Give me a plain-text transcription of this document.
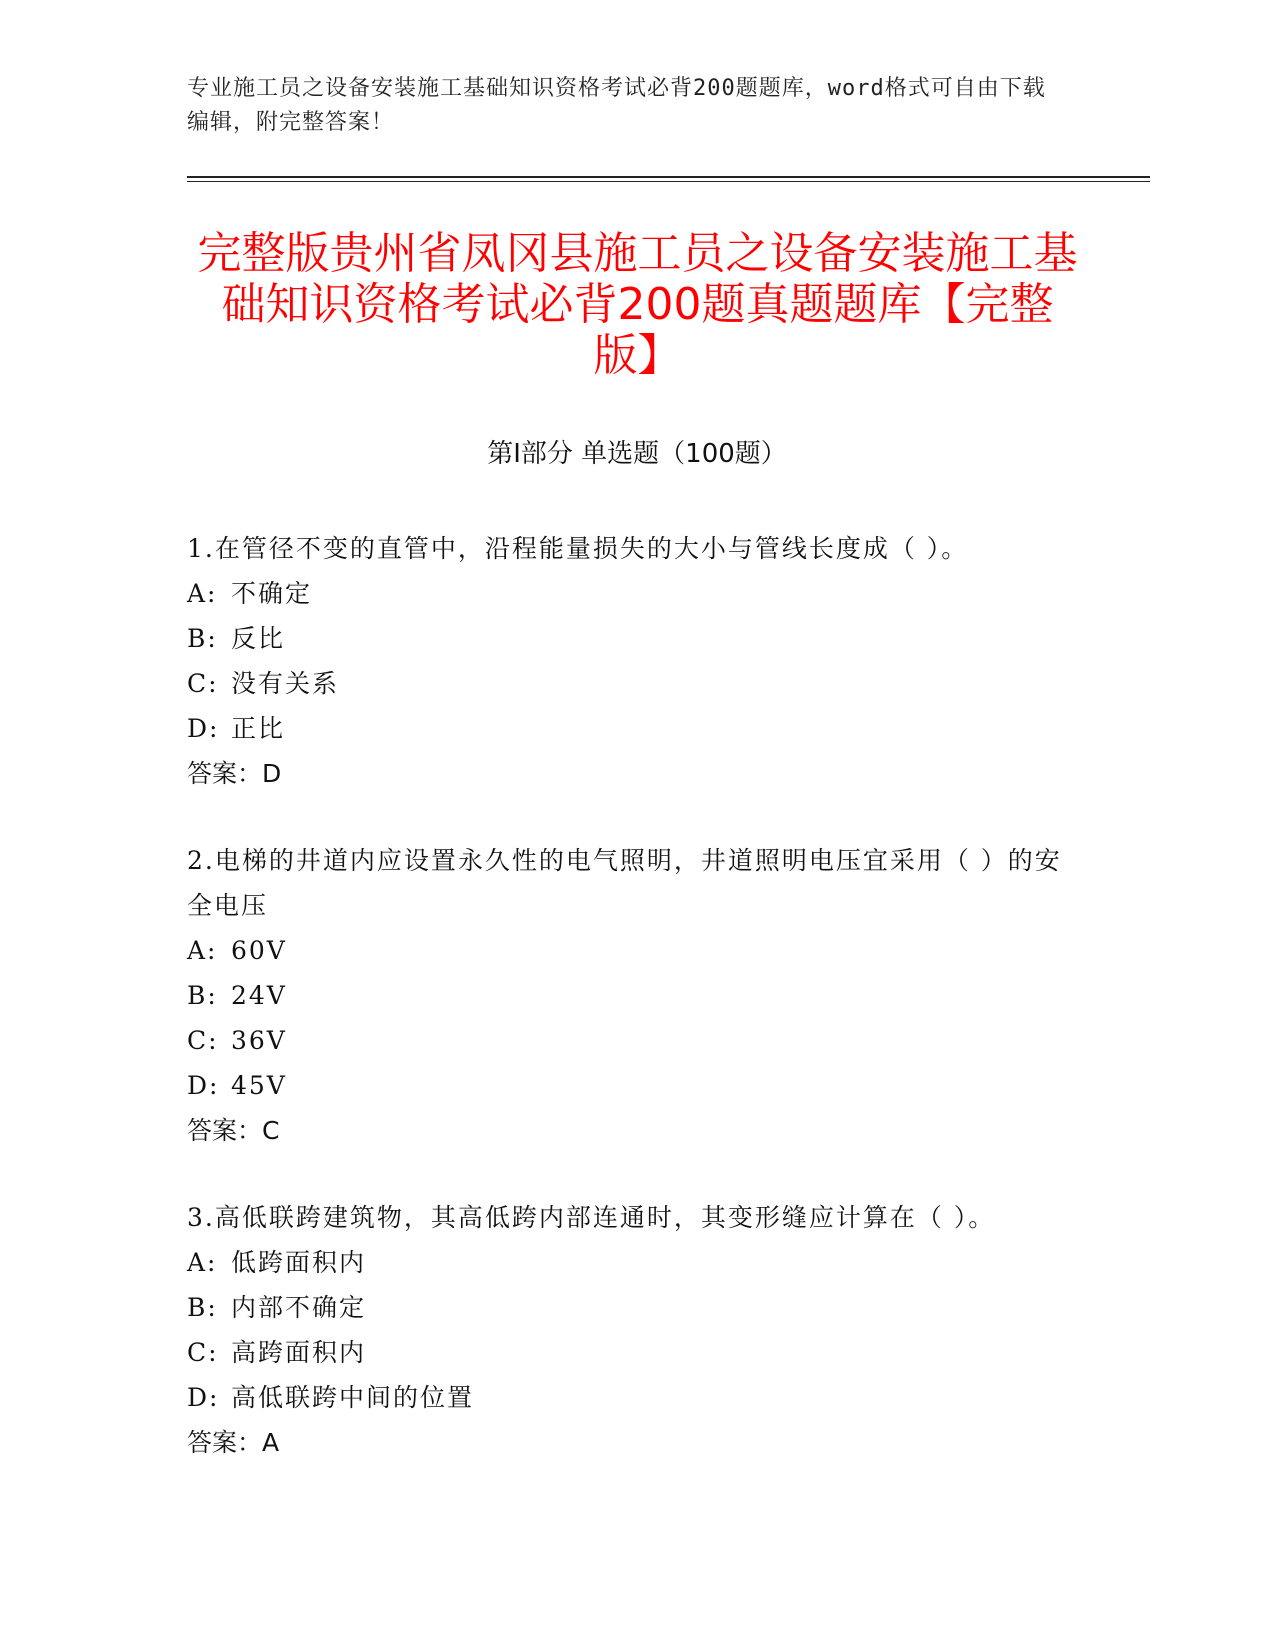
专业施工员之设备安装施工基础知识资格考试必背200题题库，word格式可自由下载编辑，附完整答案！
完整版贵州省凤冈县施工员之设备安装施工基础知识资格考试必背200题真题题库【完整版】
第Ⅰ部分 单选题（100题）

1.在管径不变的直管中，沿程能量损失的大小与管线长度成（ ）。

A: 不确定
B: 反比
C: 没有关系
D: 正比

答案：D

2.电梯的井道内应设置永久性的电气照明，井道照明电压宜采用（ ）的安全电压

A: 60V
B: 24V
C: 36V
D: 45V

答案：C

3.高低联跨建筑物，其高低跨内部连通时，其变形缝应计算在（ ）。

A: 低跨面积内
B: 内部不确定
C: 高跨面积内
D: 高低联跨中间的位置

答案：A
